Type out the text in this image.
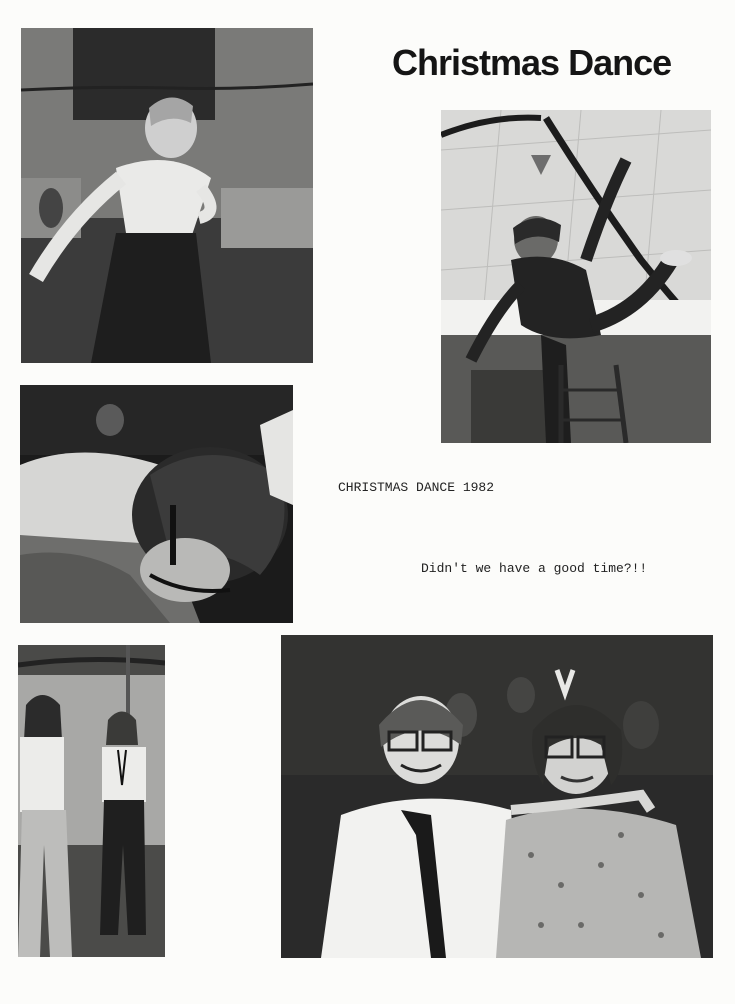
Christmas Dance
CHRISTMAS DANCE 1982
Didn't we have a good time?!!
